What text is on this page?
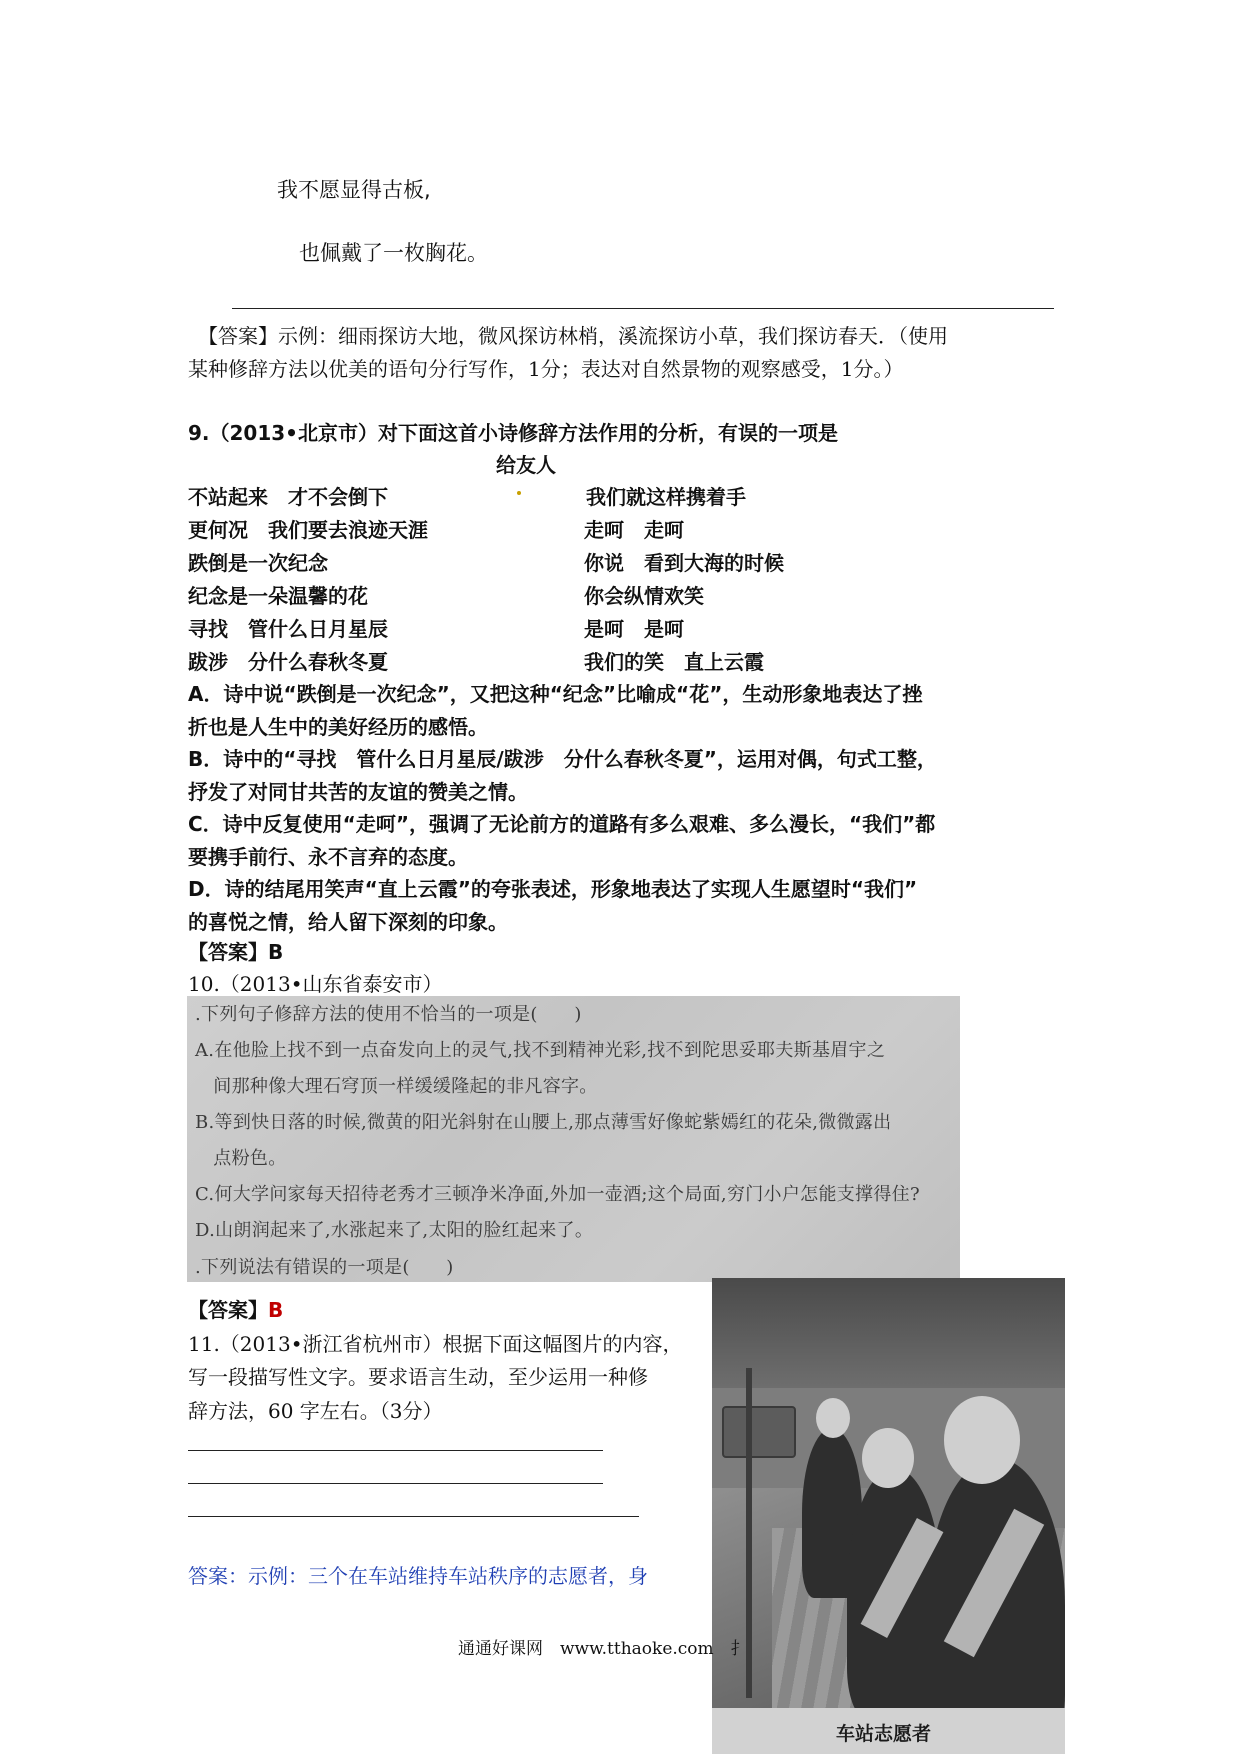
我不愿显得古板,
也佩戴了一枚胸花。
【答案】示例：细雨探访大地，微风探访林梢，溪流探访小草，我们探访春天．（使用
某种修辞方法以优美的语句分行写作，1分；表达对自然景物的观察感受，1分。）
9.（2013•北京市）对下面这首小诗修辞方法作用的分析，有误的一项是
给友人
不站起来　才不会倒下
更何况　我们要去浪迹天涯
跌倒是一次纪念
纪念是一朵温馨的花
寻找　管什么日月星辰
跋涉　分什么春秋冬夏
我们就这样携着手
走呵　走呵
你说　看到大海的时候
你会纵情欢笑
是呵　是呵
我们的笑　直上云霞
A．诗中说“跌倒是一次纪念”，又把这种“纪念”比喻成“花”，生动形象地表达了挫
折也是人生中的美好经历的感悟。
B．诗中的“寻找　管什么日月星辰/跋涉　分什么春秋冬夏”，运用对偶，句式工整，
抒发了对同甘共苦的友谊的赞美之情。
C．诗中反复使用“走呵”，强调了无论前方的道路有多么艰难、多么漫长，“我们”都
要携手前行、永不言弃的态度。
D．诗的结尾用笑声“直上云霞”的夸张表述，形象地表达了实现人生愿望时“我们”
的喜悦之情，给人留下深刻的印象。
【答案】B
10.（2013•山东省泰安市）
.下列句子修辞方法的使用不恰当的一项是(　　)
A.在他脸上找不到一点奋发向上的灵气,找不到精神光彩,找不到陀思妥耶夫斯基眉宇之
　间那种像大理石穹顶一样缓缓隆起的非凡容字。
B.等到快日落的时候,微黄的阳光斜射在山腰上,那点薄雪好像蛇紫嫣红的花朵,微微露出
　点粉色。
C.何大学问家每天招待老秀才三顿净米净面,外加一壶酒;这个局面,穷门小户怎能支撑得住?
D.山朗润起来了,水涨起来了,太阳的脸红起来了。
.下列说法有错误的一项是(　　)
【答案】B
11.（2013•浙江省杭州市）根据下面这幅图片的内容，
写一段描写性文字。要求语言生动，至少运用一种修
辞方法，60 字左右。（3分）
答案：示例：三个在车站维持车站秩序的志愿者，身
车站志愿者
通通好课网　www.tthaoke.com　扌
